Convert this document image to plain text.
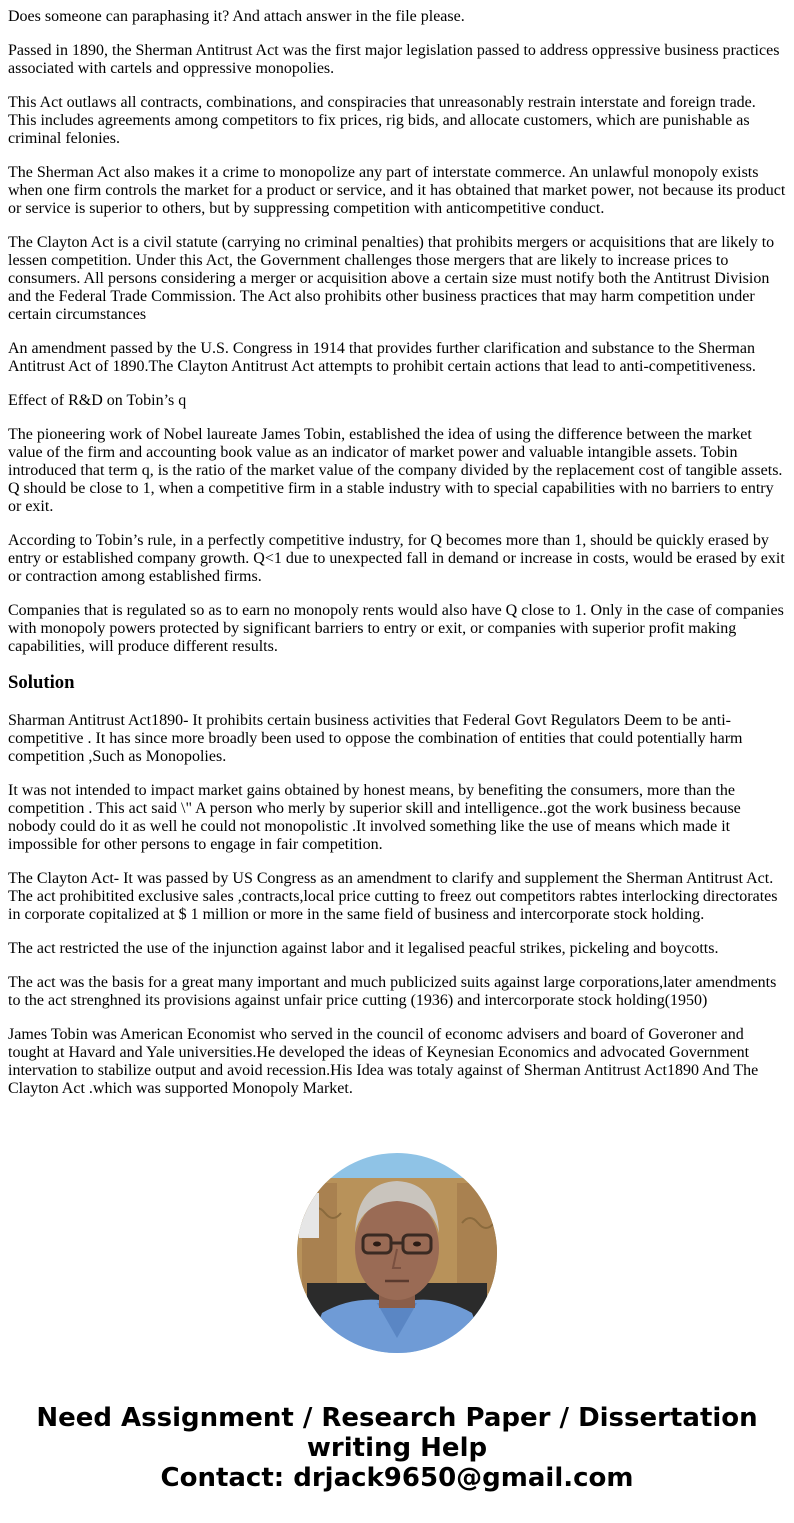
Does someone can paraphasing it? And attach answer in the file please.

Passed in 1890, the Sherman Antitrust Act was the first major legislation passed to address oppressive business practices associated with cartels and oppressive monopolies.

This Act outlaws all contracts, combinations, and conspiracies that unreasonably restrain interstate and foreign trade. This includes agreements among competitors to fix prices, rig bids, and allocate customers, which are punishable as criminal felonies.

The Sherman Act also makes it a crime to monopolize any part of interstate commerce. An unlawful monopoly exists when one firm controls the market for a product or service, and it has obtained that market power, not because its product or service is superior to others, but by suppressing competition with anticompetitive conduct.

The Clayton Act is a civil statute (carrying no criminal penalties) that prohibits mergers or acquisitions that are likely to lessen competition. Under this Act, the Government challenges those mergers that are likely to increase prices to consumers. All persons considering a merger or acquisition above a certain size must notify both the Antitrust Division and the Federal Trade Commission. The Act also prohibits other business practices that may harm competition under certain circumstances

An amendment passed by the U.S. Congress in 1914 that provides further clarification and substance to the Sherman Antitrust Act of 1890.The Clayton Antitrust Act attempts to prohibit certain actions that lead to anti-competitiveness.

Effect of R&D on Tobin’s q

The pioneering work of Nobel laureate James Tobin, established the idea of using the difference between the market value of the firm and accounting book value as an indicator of market power and valuable intangible assets. Tobin introduced that term q, is the ratio of the market value of the company divided by the replacement cost of tangible assets. Q should be close to 1, when a competitive firm in a stable industry with to special capabilities with no barriers to entry or exit.

According to Tobin’s rule, in a perfectly competitive industry, for Q becomes more than 1, should be quickly erased by entry or established company growth. Q<1 due to unexpected fall in demand or increase in costs, would be erased by exit or contraction among established firms.

Companies that is regulated so as to earn no monopoly rents would also have Q close to 1. Only in the case of companies with monopoly powers protected by significant barriers to entry or exit, or companies with superior profit making capabilities, will produce different results.

Solution

Sharman Antitrust Act1890- It prohibits certain business activities that Federal Govt Regulators Deem to be anti-competitive . It has since more broadly been used to oppose the combination of entities that could potentially harm competition ,Such as Monopolies.

It was not intended to impact market gains obtained by honest means, by benefiting the consumers, more than the competition . This act said \" A person who merly by superior skill and intelligence..got the work business because nobody could do it as well he could not monopolistic .It involved something like the use of means which made it impossible for other persons to engage in fair competition.

The Clayton Act- It was passed by US Congress as an amendment to clarify and supplement the Sherman Antitrust Act. The act prohibitited exclusive sales ,contracts,local price cutting to freez out competitors rabtes interlocking directorates in corporate copitalized at $ 1 million or more in the same field of business and intercorporate stock holding.

The act restricted the use of the injunction against labor and it legalised peacful strikes, pickeling and boycotts.

The act was the basis for a great many important and much publicized suits against large corporations,later amendments to the act strenghned its provisions against unfair price cutting (1936) and intercorporate stock holding(1950)

James Tobin was American Economist who served in the council of economc advisers and board of Goveroner and tought at Havard and Yale universities.He developed the ideas of Keynesian Economics and advocated Government intervation to stabilize output and avoid recession.His Idea was totaly against of Sherman Antitrust Act1890 And The Clayton Act .which was supported Monopoly Market.

Need Assignment / Research Paper / Dissertation
writing Help
Contact: drjack9650@gmail.com
